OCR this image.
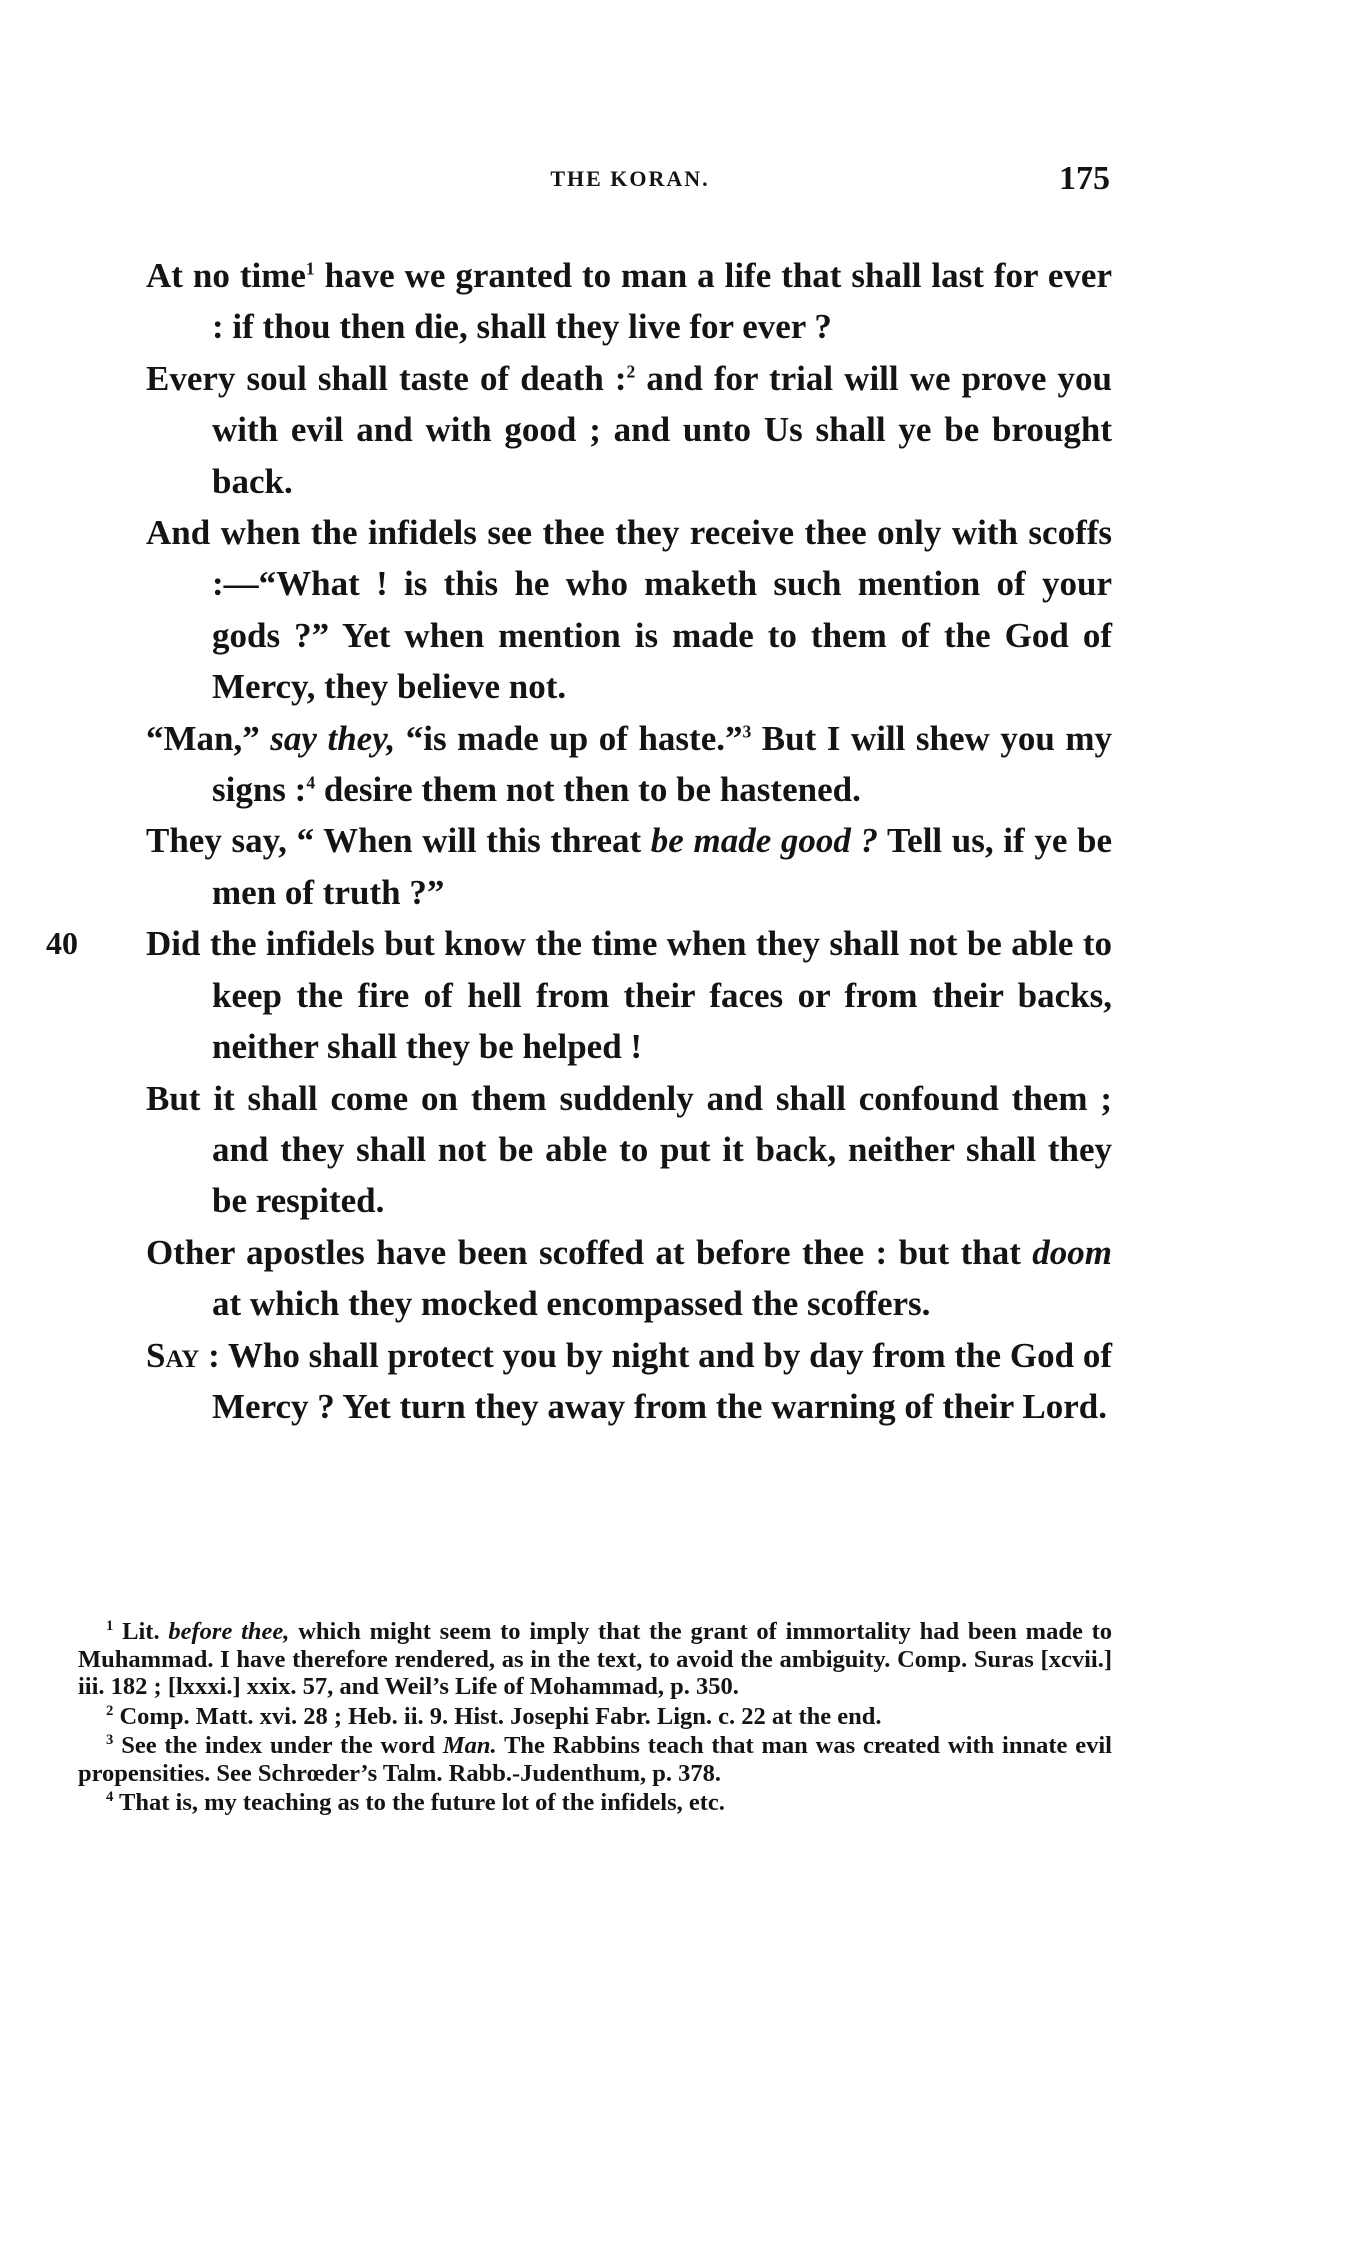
THE KORAN.	175

At no time$^1$ have we granted to man a life that shall last for ever : if thou then die, shall they live for ever ?

Every soul shall taste of death :$^2$ and for trial will we prove you with evil and with good ; and unto Us shall ye be brought back.

And when the infidels see thee they receive thee only with scoffs :—“What ! is this he who maketh such mention of your gods ?” Yet when mention is made to them of the God of Mercy, they believe not.

“Man,” say they, “is made up of haste.”$^3$ But I will shew you my signs :$^4$ desire them not then to be hastened.

They say, “ When will this threat be made good ? Tell us, if ye be men of truth ?”

40 Did the infidels but know the time when they shall not be able to keep the fire of hell from their faces or from their backs, neither shall they be helped !

But it shall come on them suddenly and shall confound them ; and they shall not be able to put it back, neither shall they be respited.

Other apostles have been scoffed at before thee : but that doom at which they mocked encompassed the scoffers.

Say : Who shall protect you by night and by day from the God of Mercy ? Yet turn they away from the warning of their Lord.

$^1$ Lit. before thee, which might seem to imply that the grant of immortality had been made to Muhammad. I have therefore rendered, as in the text, to avoid the ambiguity. Comp. Suras [xcvii.] iii. 182 ; [lxxxi.] xxix. 57, and Weil’s Life of Mohammad, p. 350.

$^2$ Comp. Matt. xvi. 28 ; Heb. ii. 9. Hist. Josephi Fabr. Lign. c. 22 at the end.

$^3$ See the index under the word Man. The Rabbins teach that man was created with innate evil propensities. See Schrœder’s Talm. Rabb.-Judenthum, p. 378.

$^4$ That is, my teaching as to the future lot of the infidels, etc.
